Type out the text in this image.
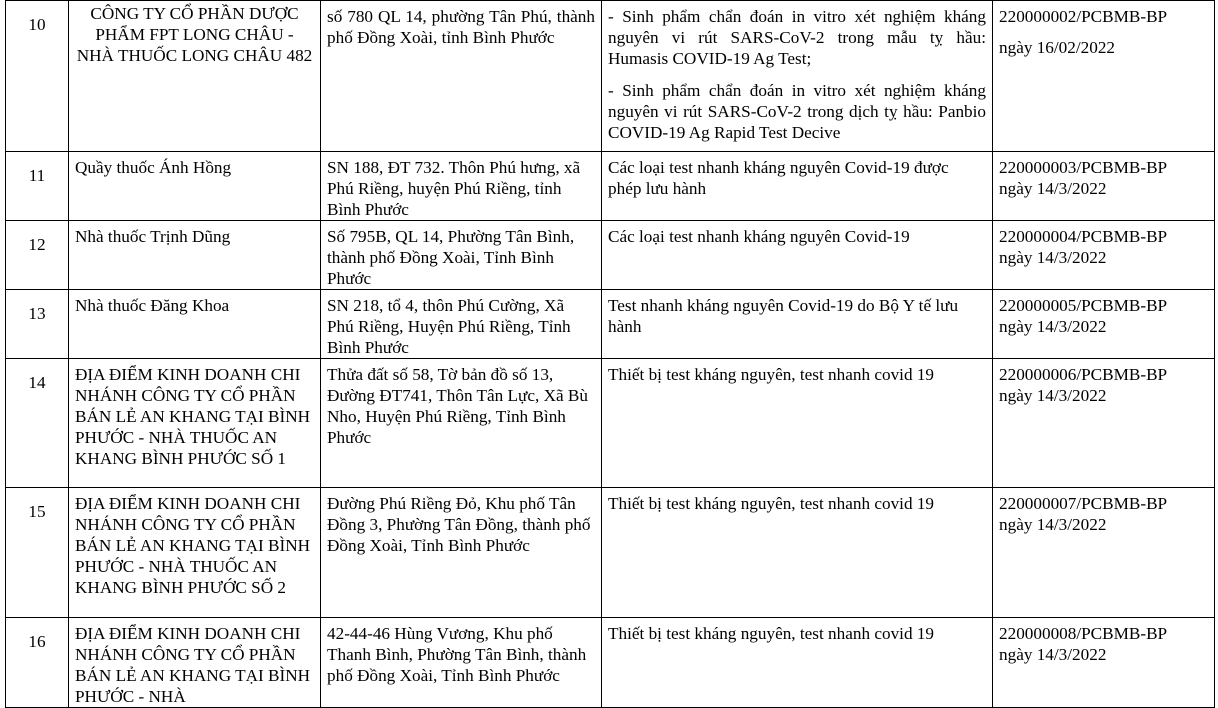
10	CÔNG TY CỔ PHẦN DƯỢC PHẨM FPT LONG CHÂU - NHÀ THUỐC LONG CHÂU 482	số 780 QL 14, phường Tân Phú, thành phố Đồng Xoài, tỉnh Bình Phước	- Sinh phẩm chẩn đoán in vitro xét nghiệm kháng nguyên vi rút SARS-CoV-2 trong mẫu tỵ hầu: Humasis COVID-19 Ag Test;
- Sinh phẩm chẩn đoán in vitro xét nghiệm kháng nguyên vi rút SARS-CoV-2 trong dịch tỵ hầu: Panbio COVID-19 Ag Rapid Test Decive	220000002/PCBMB-BP
ngày 16/02/2022

11	Quầy thuốc Ánh Hồng	SN 188, ĐT 732. Thôn Phú hưng, xã Phú Riềng, huyện Phú Riềng, tỉnh Bình Phước	Các loại test nhanh kháng nguyên Covid-19 được phép lưu hành	220000003/PCBMB-BP
ngày 14/3/2022

12	Nhà thuốc Trịnh Dũng	Số 795B, QL 14, Phường Tân Bình, thành phố Đồng Xoài, Tỉnh Bình Phước	Các loại test nhanh kháng nguyên Covid-19	220000004/PCBMB-BP
ngày 14/3/2022

13	Nhà thuốc Đăng Khoa	SN 218, tổ 4, thôn Phú Cường, Xã Phú Riềng, Huyện Phú Riềng, Tỉnh Bình Phước	Test nhanh kháng nguyên Covid-19 do Bộ Y tế lưu hành	220000005/PCBMB-BP
ngày 14/3/2022

14	ĐỊA ĐIỂM KINH DOANH CHI NHÁNH CÔNG TY CỔ PHẦN BÁN LẺ AN KHANG TẠI BÌNH PHƯỚC - NHÀ THUỐC AN KHANG BÌNH PHƯỚC SỐ 1	Thửa đất số 58, Tờ bản đồ số 13, Đường ĐT741, Thôn Tân Lực, Xã Bù Nho, Huyện Phú Riềng, Tỉnh Bình Phước	Thiết bị test kháng nguyên, test nhanh covid 19	220000006/PCBMB-BP
ngày 14/3/2022

15	ĐỊA ĐIỂM KINH DOANH CHI NHÁNH CÔNG TY CỔ PHẦN BÁN LẺ AN KHANG TẠI BÌNH PHƯỚC - NHÀ THUỐC AN KHANG BÌNH PHƯỚC SỐ 2	Đường Phú Riềng Đỏ, Khu phố Tân Đồng 3, Phường Tân Đồng, thành phố Đồng Xoài, Tỉnh Bình Phước	Thiết bị test kháng nguyên, test nhanh covid 19	220000007/PCBMB-BP
ngày 14/3/2022

16	ĐỊA ĐIỂM KINH DOANH CHI NHÁNH CÔNG TY CỔ PHẦN BÁN LẺ AN KHANG TẠI BÌNH PHƯỚC - NHÀ	42-44-46 Hùng Vương, Khu phố Thanh Bình, Phường Tân Bình, thành phố Đồng Xoài, Tỉnh Bình Phước	Thiết bị test kháng nguyên, test nhanh covid 19	220000008/PCBMB-BP
ngày 14/3/2022
